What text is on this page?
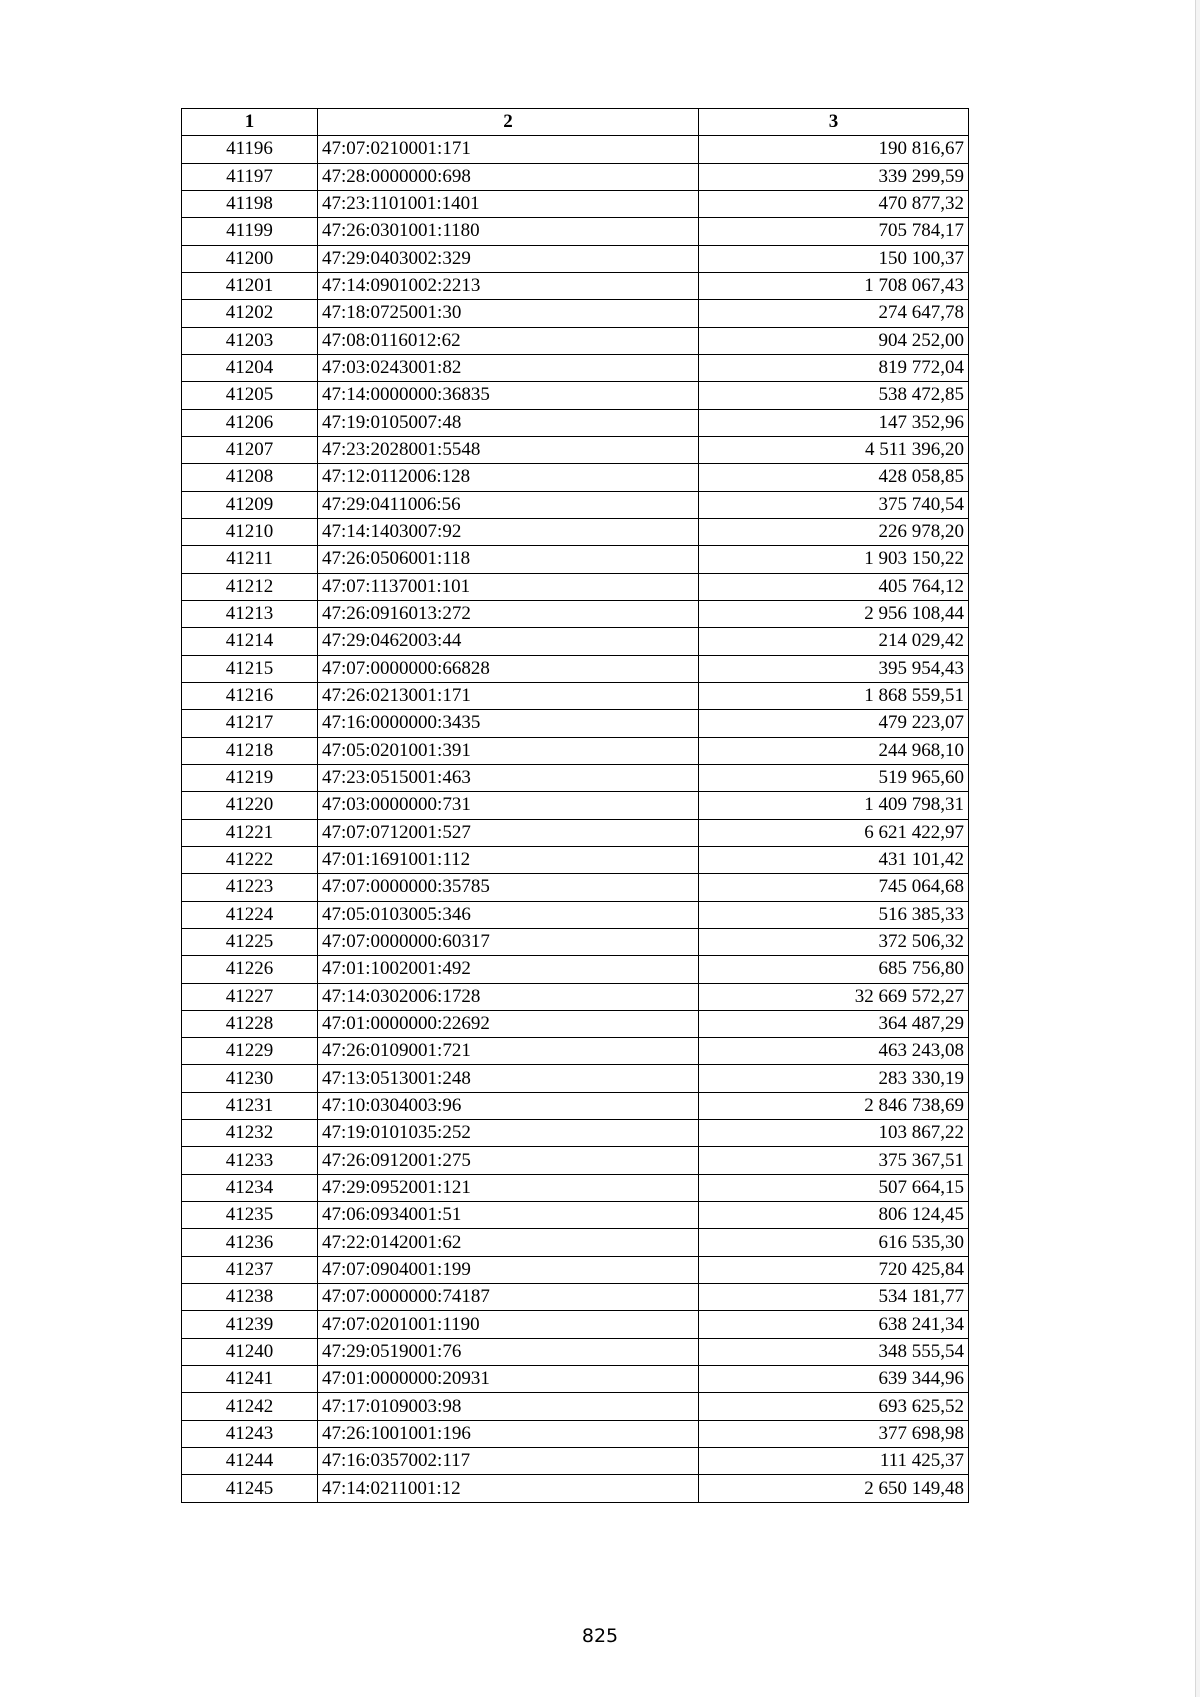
1	2	3
41196	47:07:0210001:171	190 816,67
41197	47:28:0000000:698	339 299,59
41198	47:23:1101001:1401	470 877,32
41199	47:26:0301001:1180	705 784,17
41200	47:29:0403002:329	150 100,37
41201	47:14:0901002:2213	1 708 067,43
41202	47:18:0725001:30	274 647,78
41203	47:08:0116012:62	904 252,00
41204	47:03:0243001:82	819 772,04
41205	47:14:0000000:36835	538 472,85
41206	47:19:0105007:48	147 352,96
41207	47:23:2028001:5548	4 511 396,20
41208	47:12:0112006:128	428 058,85
41209	47:29:0411006:56	375 740,54
41210	47:14:1403007:92	226 978,20
41211	47:26:0506001:118	1 903 150,22
41212	47:07:1137001:101	405 764,12
41213	47:26:0916013:272	2 956 108,44
41214	47:29:0462003:44	214 029,42
41215	47:07:0000000:66828	395 954,43
41216	47:26:0213001:171	1 868 559,51
41217	47:16:0000000:3435	479 223,07
41218	47:05:0201001:391	244 968,10
41219	47:23:0515001:463	519 965,60
41220	47:03:0000000:731	1 409 798,31
41221	47:07:0712001:527	6 621 422,97
41222	47:01:1691001:112	431 101,42
41223	47:07:0000000:35785	745 064,68
41224	47:05:0103005:346	516 385,33
41225	47:07:0000000:60317	372 506,32
41226	47:01:1002001:492	685 756,80
41227	47:14:0302006:1728	32 669 572,27
41228	47:01:0000000:22692	364 487,29
41229	47:26:0109001:721	463 243,08
41230	47:13:0513001:248	283 330,19
41231	47:10:0304003:96	2 846 738,69
41232	47:19:0101035:252	103 867,22
41233	47:26:0912001:275	375 367,51
41234	47:29:0952001:121	507 664,15
41235	47:06:0934001:51	806 124,45
41236	47:22:0142001:62	616 535,30
41237	47:07:0904001:199	720 425,84
41238	47:07:0000000:74187	534 181,77
41239	47:07:0201001:1190	638 241,34
41240	47:29:0519001:76	348 555,54
41241	47:01:0000000:20931	639 344,96
41242	47:17:0109003:98	693 625,52
41243	47:26:1001001:196	377 698,98
41244	47:16:0357002:117	111 425,37
41245	47:14:0211001:12	2 650 149,48
825
